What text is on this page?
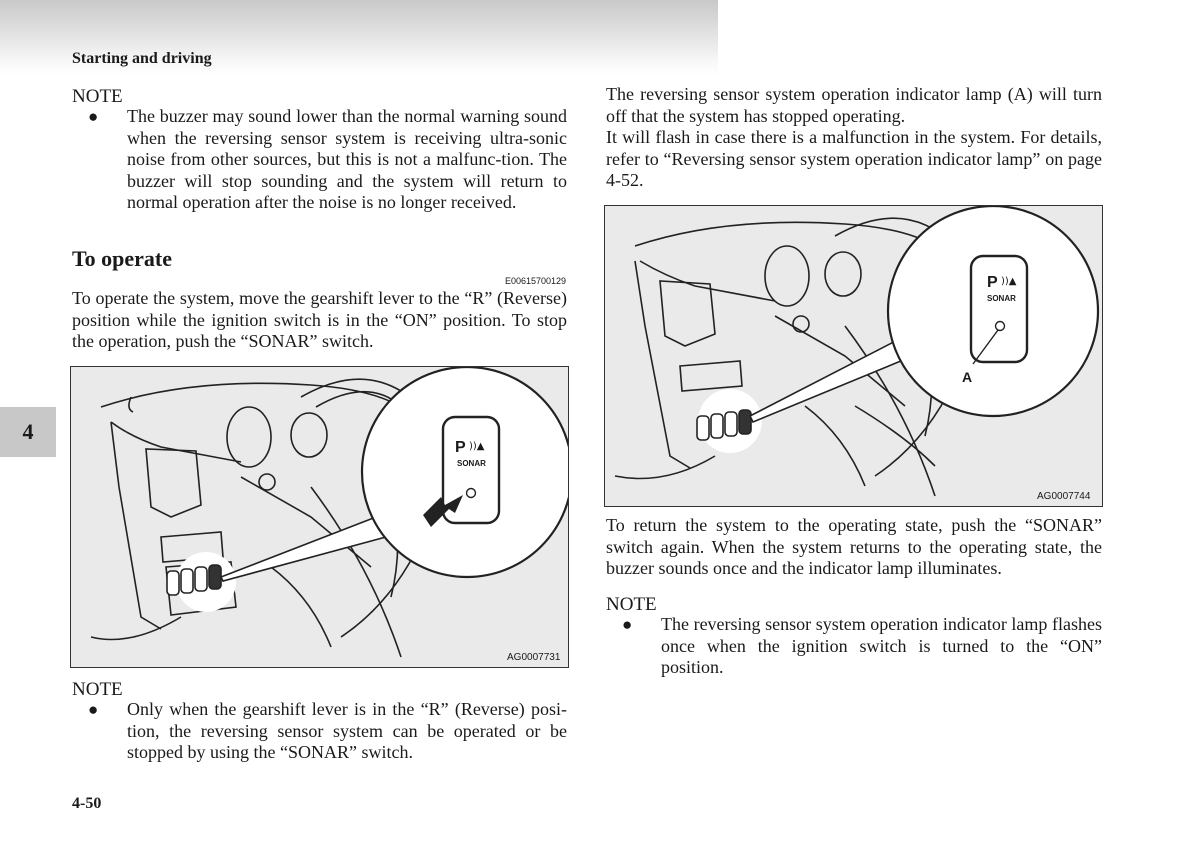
Starting and driving
4
NOTE
● The buzzer may sound lower than the normal warning sound when the reversing sensor system is receiving ultra-sonic noise from other sources, but this is not a malfunc-tion. The buzzer will stop sounding and the system will return to normal operation after the noise is no longer received.
To operate
E00615700129
To operate the system, move the gearshift lever to the “R” (Reverse) position while the ignition switch is in the “ON” position. To stop the operation, push the “SONAR” switch.
P ))▲
SONAR
AG0007731
NOTE
● Only when the gearshift lever is in the “R” (Reverse) posi-tion, the reversing sensor system can be operated or be stopped by using the “SONAR” switch.
The reversing sensor system operation indicator lamp (A) will turn off that the system has stopped operating.
It will flash in case there is a malfunction in the system. For details, refer to “Reversing sensor system operation indicator lamp” on page 4-52.
P ))▲
SONAR
A
AG0007744
To return the system to the operating state, push the “SONAR” switch again. When the system returns to the operating state, the buzzer sounds once and the indicator lamp illuminates.
NOTE
● The reversing sensor system operation indicator lamp flashes once when the ignition switch is turned to the “ON” position.
4-50
